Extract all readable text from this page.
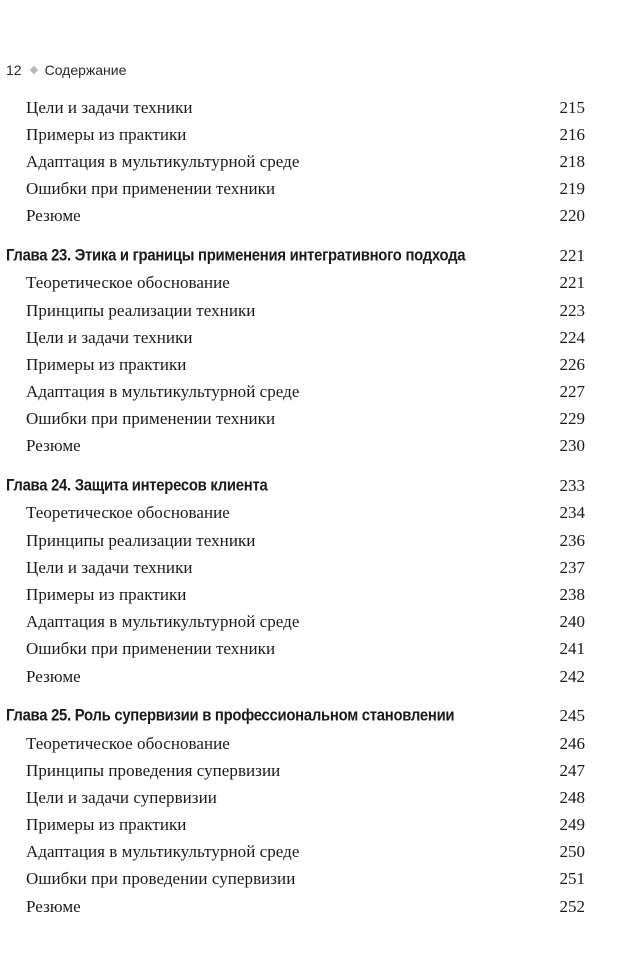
12 Содержание
Цели и задачи техники	215
Примеры из практики	216
Адаптация в мультикультурной среде	218
Ошибки при применении техники	219
Резюме	220
Глава 23. Этика и границы применения интегративного подхода	221
Теоретическое обоснование	221
Принципы реализации техники	223
Цели и задачи техники	224
Примеры из практики	226
Адаптация в мультикультурной среде	227
Ошибки при применении техники	229
Резюме	230
Глава 24. Защита интересов клиента	233
Теоретическое обоснование	234
Принципы реализации техники	236
Цели и задачи техники	237
Примеры из практики	238
Адаптация в мультикультурной среде	240
Ошибки при применении техники	241
Резюме	242
Глава 25. Роль супервизии в профессиональном становлении	245
Теоретическое обоснование	246
Принципы проведения супервизии	247
Цели и задачи супервизии	248
Примеры из практики	249
Адаптация в мультикультурной среде	250
Ошибки при проведении супервизии	251
Резюме	252
